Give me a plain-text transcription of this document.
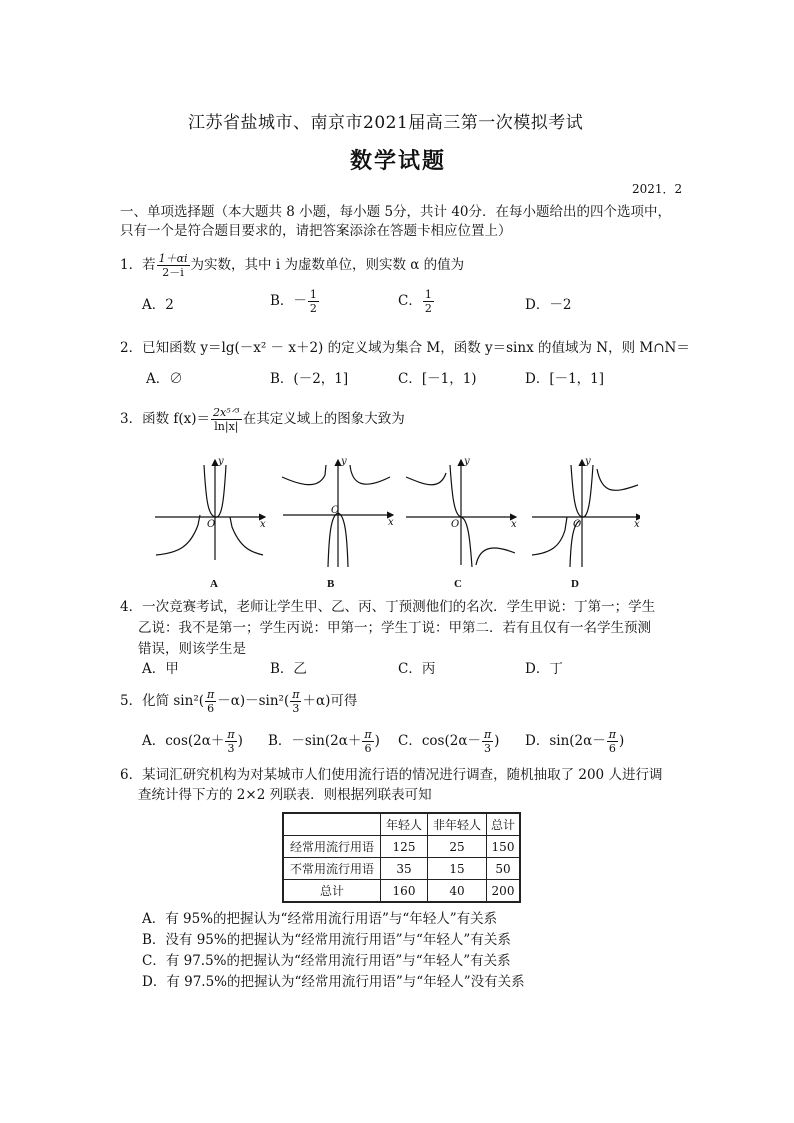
江苏省盐城市、南京市2021届高三第一次模拟考试
数学试题
2021．2
一、单项选择题（本大题共 8 小题，每小题 5分，共计 40分．在每小题给出的四个选项中，
只有一个是符合题目要求的，请把答案添涂在答题卡相应位置上）
1．若 $\frac{1+\alpha i}{2-i}$ 为实数，其中 i 为虚数单位，则实数 α 的值为
A．2	B．－ $\frac{1}{2}$	C． $\frac{1}{2}$	D．－2
2．已知函数 y＝lg(－x² － x＋2) 的定义域为集合 M，函数 y＝sinx 的值域为 N，则 M∩N＝
A．∅	B．(－2，1]	C．[－1，1)	D．[－1，1]
3．函数 $f(x)= \frac{\text{2x⁵ᐟ³}}{\ln|x|}$ 在其定义域上的图象大致为
y
x
O
y
x
O
y
x
O
y
x
O
A	B	C	D
4．一次竞赛考试，老师让学生甲、乙、丙、丁预测他们的名次．学生甲说：丁第一；学生
乙说：我不是第一；学生丙说：甲第一；学生丁说：甲第二．若有且仅有一名学生预测
错误，则该学生是
A．甲	B．乙	C．丙	D．丁
5．化简 $\sin^2( \frac{\pi}{6} -\alpha)-\sin^2( \frac{\pi}{3} +\alpha)$可得
A．$\cos(2\alpha+ \frac{\pi}{3}$ ) B．$-\sin(2\alpha+ \frac{\pi}{6}$ ) C．$\cos(2\alpha- \frac{\pi}{3}$ ) D．$\sin(2\alpha- \frac{\pi}{6}$ )
6．某词汇研究机构为对某城市人们使用流行语的情况进行调查，随机抽取了 200 人进行调
查统计得下方的 2×2 列联表．则根据列联表可知
	年轻人	非年轻人	总计
经常用流行用语	125	25	150
不常用流行用语	35	15	50
总计	160	40	200
A．有 95%的把握认为“经常用流行用语”与“年轻人”有关系
B．没有 95%的把握认为“经常用流行用语”与“年轻人”有关系
C．有 97.5%的把握认为“经常用流行用语”与“年轻人”有关系
D．有 97.5%的把握认为“经常用流行用语”与“年轻人”没有关系
